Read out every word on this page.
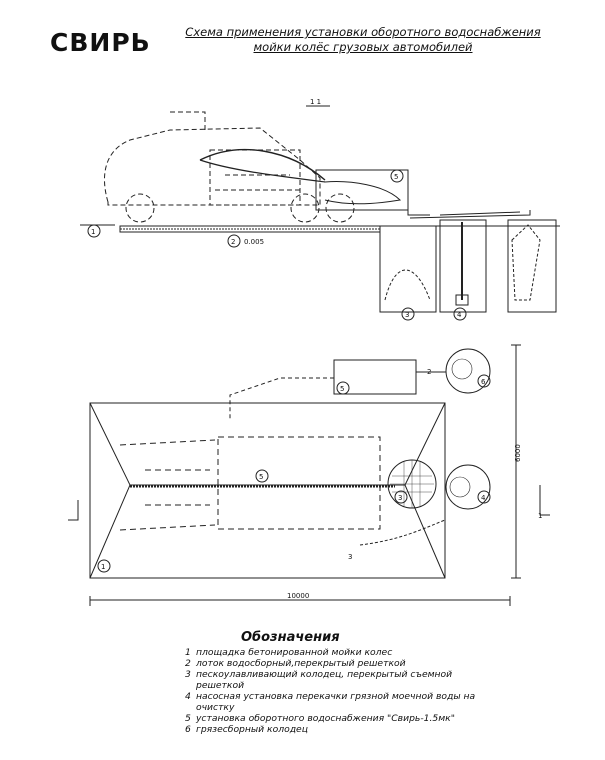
СВИРЬ	Схема применения установки оборотного водоснабжения
мойки колёс грузовых автомобилей
1 1
1
2 0.005
3	4
5
1
2
3
3	4
5
6
5
10000
6000
1
Обозначения
1 площадка бетонированной мойки колес
2 лоток водосборный,перекрытый решеткой
3 пескоулавливающий колодец, перекрытый съемной решеткой
4 насосная установка перекачки грязной моечной воды на очистку
5 установка оборотного водоснабжения "Свирь-1.5мк"
6 грязесборный колодец
